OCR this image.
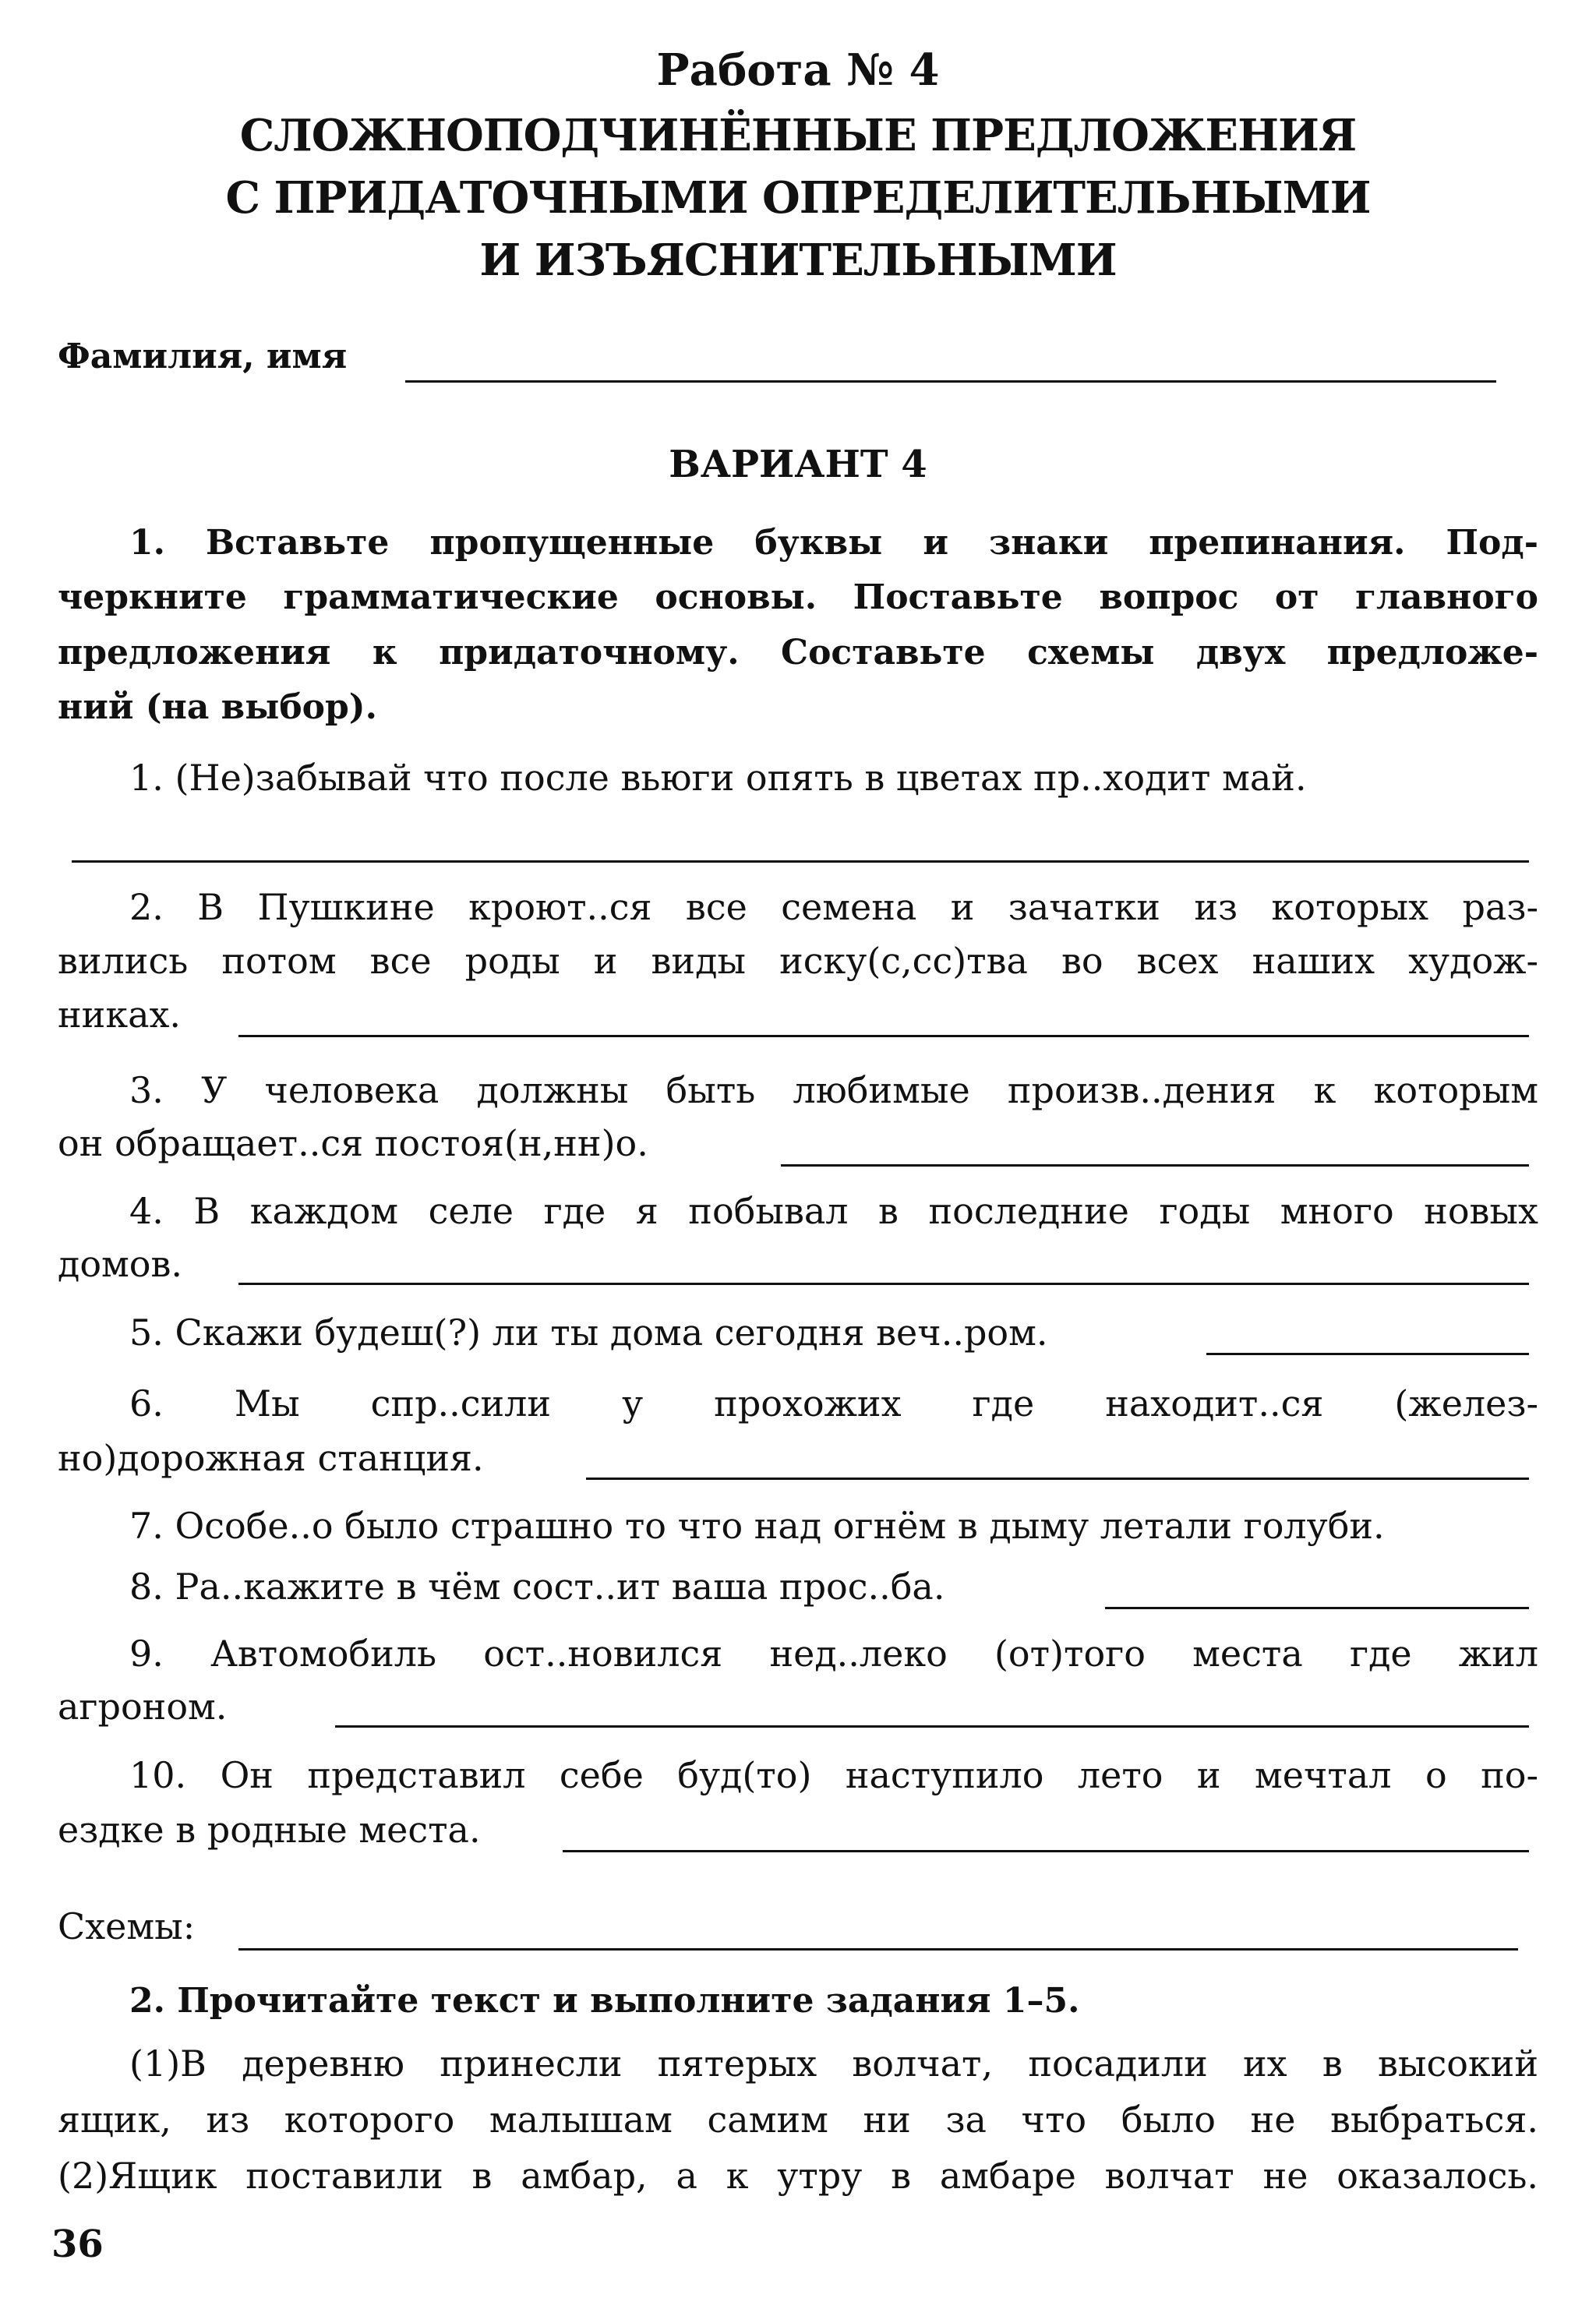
Работа № 4
СЛОЖНОПОДЧИНЁННЫЕ ПРЕДЛОЖЕНИЯ
С ПРИДАТОЧНЫМИ ОПРЕДЕЛИТЕЛЬНЫМИ
И ИЗЪЯСНИТЕЛЬНЫМИ
Фамилия, имя
ВАРИАНТ 4
1. Вставьте пропущенные буквы и знаки препинания. Под-
черкните грамматические основы. Поставьте вопрос от главного
предложения к придаточному. Составьте схемы двух предложе-
ний (на выбор).
1. (Не)забывай что после вьюги опять в цветах пр..ходит май.
2. В Пушкине кроют..ся все семена и зачатки из которых раз-
вились потом все роды и виды иску(с,сс)тва во всех наших худож-
никах.
3. У человека должны быть любимые произв..дения к которым
он обращает..ся постоя(н,нн)о.
4. В каждом селе где я побывал в последние годы много новых
домов.
5. Скажи будеш(?) ли ты дома сегодня веч..ром.
6. Мы спр..сили у прохожих где находит..ся (желез-
но)дорожная станция.
7. Особе..о было страшно то что над огнём в дыму летали голуби.
8. Ра..кажите в чём сост..ит ваша прос..ба.
9. Автомобиль ост..новился нед..леко (от)того места где жил
агроном.
10. Он представил себе буд(то) наступило лето и мечтал о по-
ездке в родные места.
Схемы:
2. Прочитайте текст и выполните задания 1–5.
(1)В деревню принесли пятерых волчат, посадили их в высокий
ящик, из которого малышам самим ни за что было не выбраться.
(2)Ящик поставили в амбар, а к утру в амбаре волчат не оказалось.
36
